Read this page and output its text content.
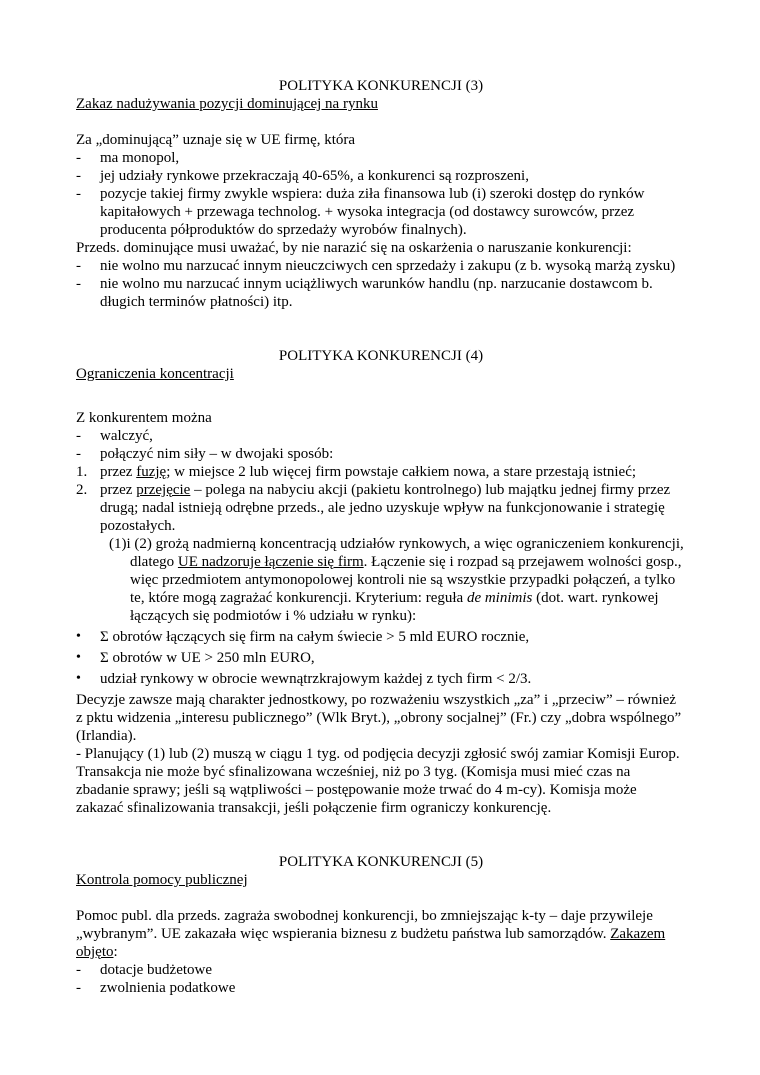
POLITYKA KONKURENCJI (3)

Zakaz nadużywania pozycji dominującej na rynku

Za „dominującą” uznaje się w UE firmę, która

-	ma monopol,
-	jej udziały rynkowe przekraczają 40-65%, a konkurenci są rozproszeni,
-	pozycje takiej firmy zwykle wspiera: duża ziła finansowa lub (i) szeroki dostęp do rynków kapitałowych + przewaga technolog. + wysoka integracja (od dostawcy surowców, przez producenta półproduktów do sprzedaży wyrobów finalnych).

Przeds. dominujące musi uważać, by nie narazić się na oskarżenia o naruszanie konkurencji:

-	nie wolno mu narzucać innym nieuczciwych cen sprzedaży i zakupu (z b. wysoką marżą zysku)
-	nie wolno mu narzucać innym uciążliwych warunków handlu (np. narzucanie dostawcom b. długich terminów płatności) itp.

POLITYKA KONKURENCJI (4)

Ograniczenia koncentracji

Z konkurentem można

-	walczyć,
-	połączyć nim siły – w dwojaki sposób:
1. przez fuzję; w miejsce 2 lub więcej firm powstaje całkiem nowa, a stare przestają istnieć;
2. przez przejęcie – polega na nabyciu akcji (pakietu kontrolnego) lub majątku jednej firmy przez drugą; nadal istnieją odrębne przeds., ale jedno uzyskuje wpływ na funkcjonowanie i strategię pozostałych.

(1)i (2) grożą nadmierną koncentracją udziałów rynkowych, a więc ograniczeniem konkurencji, dlatego UE nadzoruje łączenie się firm. Łączenie się i rozpad są przejawem wolności gosp., więc przedmiotem antymonopolowej kontroli nie są wszystkie przypadki połączeń, a tylko te, które mogą zagrażać konkurencji. Kryterium: reguła de minimis (dot. wart. rynkowej łączących się podmiotów i % udziału w rynku):

•	Σ obrotów łączących się firm na całym świecie > 5 mld EURO rocznie,
•	Σ obrotów w UE > 250 mln EURO,
•	udział rynkowy w obrocie wewnątrzkrajowym każdej z tych firm < 2/3.

Decyzje zawsze mają charakter jednostkowy, po rozważeniu wszystkich „za” i „przeciw” – również z pktu widzenia „interesu publicznego” (Wlk Bryt.), „obrony socjalnej” (Fr.) czy „dobra wspólnego” (Irlandia).

- Planujący (1) lub (2) muszą w ciągu 1 tyg. od podjęcia decyzji zgłosić swój zamiar Komisji Europ. Transakcja nie może być sfinalizowana wcześniej, niż po 3 tyg. (Komisja musi mieć czas na zbadanie sprawy; jeśli są wątpliwości – postępowanie może trwać do 4 m-cy). Komisja może zakazać sfinalizowania transakcji, jeśli połączenie firm ograniczy konkurencję.

POLITYKA KONKURENCJI (5)

Kontrola pomocy publicznej

Pomoc publ. dla przeds. zagraża swobodnej konkurencji, bo zmniejszając k-ty – daje przywileje „wybranym”. UE zakazała więc wspierania biznesu z budżetu państwa lub samorządów. Zakazem objęto:

-	dotacje budżetowe
-	zwolnienia podatkowe
